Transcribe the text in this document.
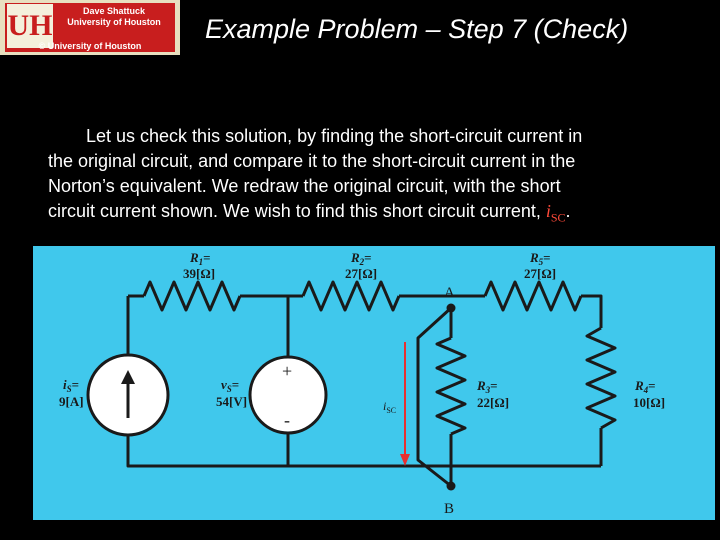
UH	Dave Shattuck
University of Houston
© University of Houston
Example Problem – Step 7 (Check)
Let us check this solution, by finding the short-circuit current in
the original circuit, and compare it to the short-circuit current in the
Norton’s equivalent. We redraw the original circuit, with the short
circuit current shown. We wish to find this short circuit current, $i_{SC}$.
+
-
$R_1=$
39[Ω]
$R_2=$
27[Ω]
$R_5=$
27[Ω]
$R_3=$
22[Ω]
$R_4=$
10[Ω]
$i_S=$
9[A]
$v_S=$
54[V]
A
B
$i_{SC}$
